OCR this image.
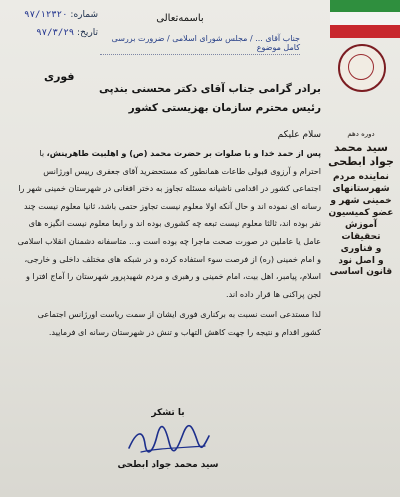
دوره دهم
سید محمد جواد ابطحی
نماینده مردم شهرستانهای
خمینی شهر و
عضو کمیسیون
آموزش تحقیقات
و فناوری
و اصل نود قانون اساسی
شماره: ۹۷/۱۲۳۲۰
تاریخ: ۹۷/۳/۲۹
فوری
باسمه‌تعالی
جناب آقای ... / مجلس شورای اسلامی / ضرورت بررسی کامل موضوع

برادر گرامی جناب آقای دکتر محسنی بندپی

رئیس محترم سازمان بهزیستی کشور

سلام علیکم

پس از حمد خدا و با صلوات بر حضرت محمد (ص) و اهلبیت طاهرینش، با احترام و آرزوی قبولی طاعات همانطور که مستحضرید آقای جعفری رییس اورژانس اجتماعی کشور در اقدامی ناشیانه مسئله تجاوز به دختر افغانی در شهرستان خمینی شهر را رسانه ای نموده اند و حال آنکه اولا معلوم نیست تجاوز حتمی باشد، ثانیا معلوم نیست چند نفر بوده اند، ثالثا معلوم نیست تبعه چه کشوری بوده اند و رابعا معلوم نیست انگیزه های عامل یا عاملین در صورت صحت ماجرا چه بوده است و... متاسفانه دشمنان انقلاب اسلامی و امام خمینی (ره) از فرصت سوء استفاده کرده و در شبکه های مختلف داخلی و خارجی، اسلام، پیامبر، اهل بیت، امام خمینی و رهبری و مردم شهیدپرور شهرستان را آماج افترا و لجن پراکنی ها قرار داده اند.

لذا مستدعی است نسبت به برکناری فوری ایشان از سمت ریاست اورژانس اجتماعی کشور اقدام و نتیجه را جهت کاهش التهاب و تنش در شهرستان رسانه ای فرمایید.

با تشکر
سید محمد جواد ابطحی
